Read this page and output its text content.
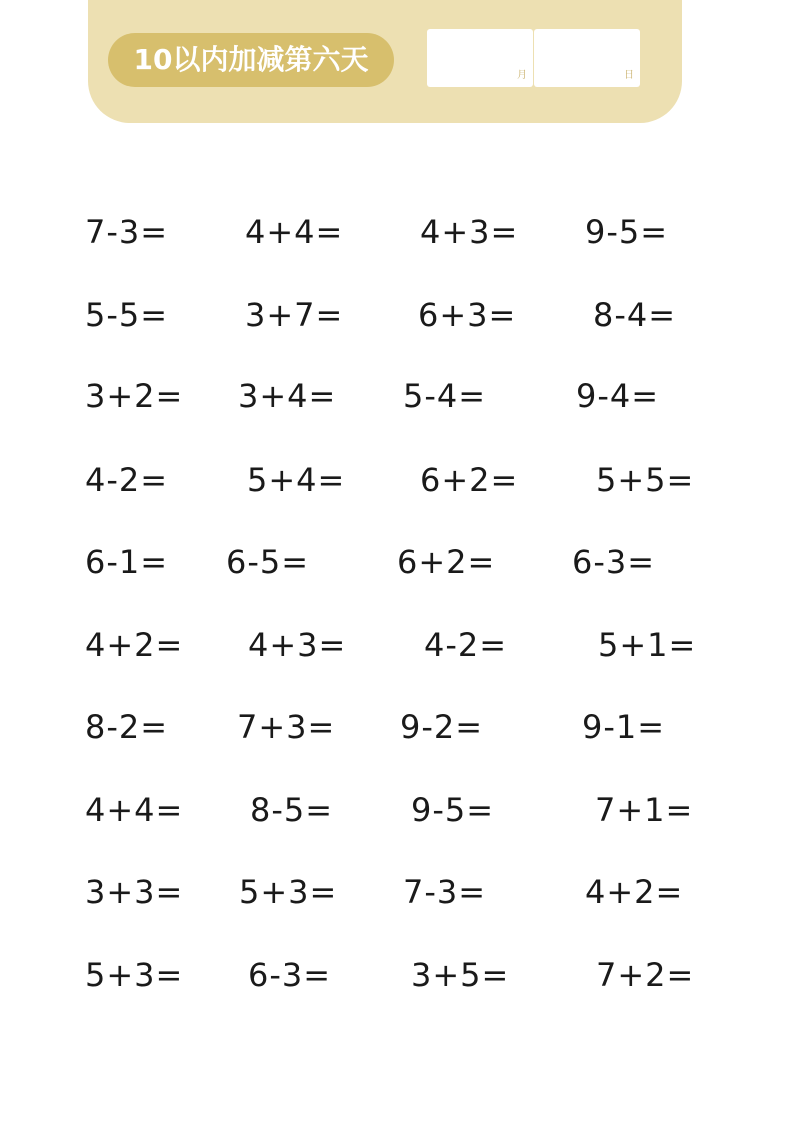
10以内加减第六天	月	日
7-3= 4+4= 4+3= 9-5=
5-5= 3+7= 6+3= 8-4=
3+2= 3+4= 5-4=	9-4=
4-2= 5+4= 6+2= 5+5=
6-1= 6-5=	6+2= 6-3=
4+2= 4+3= 4-2=	5+1=
8-2= 7+3= 9-2=	9-1=
4+4= 8-5= 9-5=	7+1=
3+3= 5+3= 7-3=	4+2=
5+3= 6-3= 3+5=	7+2=
